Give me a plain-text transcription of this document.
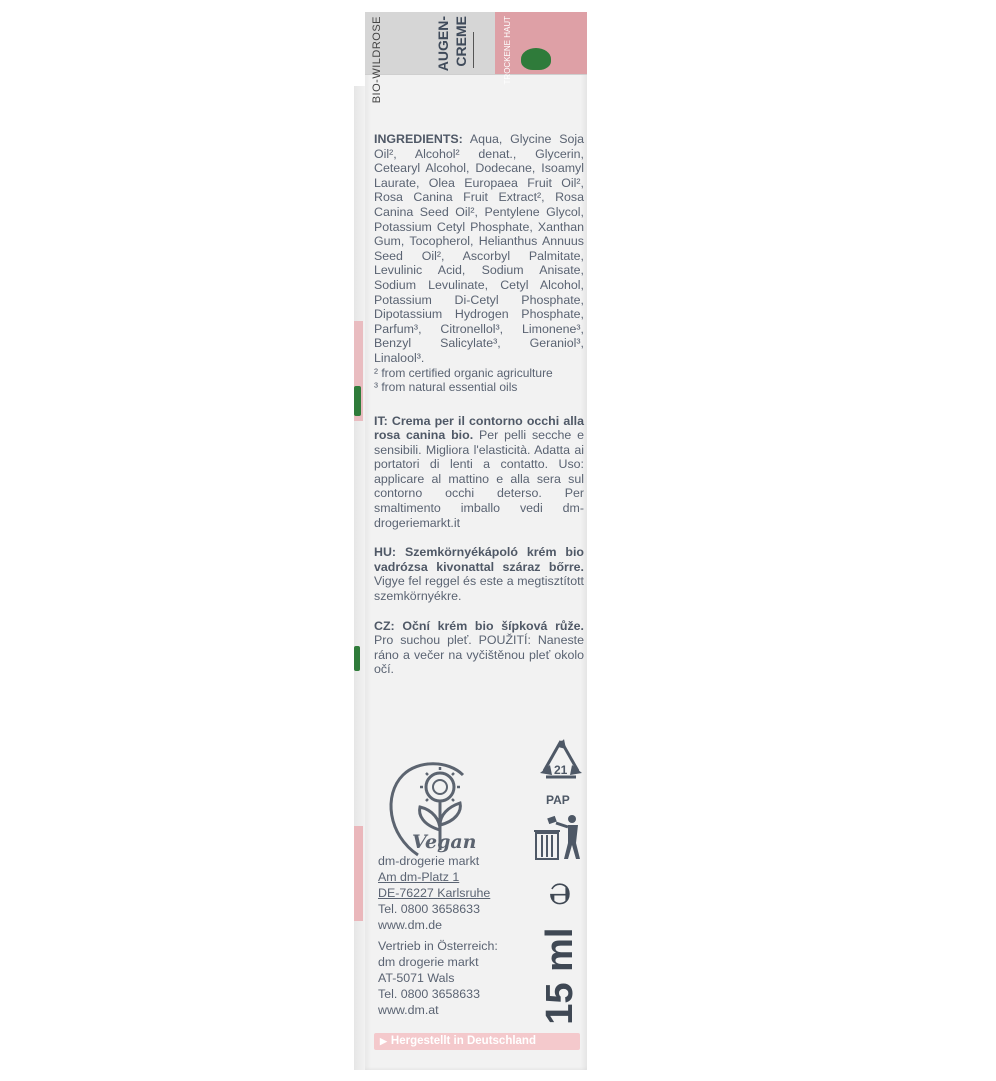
BIO-WILDROSE	AUGEN- CREME	TROCKENE HAUT

INGREDIENTS: Aqua, Glycine Soja Oil², Alcohol² denat., Glycerin, Cetearyl Alcohol, Dodecane, Isoamyl Laurate, Olea Europaea Fruit Oil², Rosa Canina Fruit Extract², Rosa Canina Seed Oil², Pentylene Glycol, Potassium Cetyl Phosphate, Xanthan Gum, Tocopherol, Helianthus Annuus Seed Oil², Ascorbyl Palmitate, Levulinic Acid, Sodium Anisate, Sodium Levulinate, Cetyl Alcohol, Potassium Di-Cetyl Phosphate, Dipotassium Hydrogen Phosphate, Parfum³, Citronellol³, Limonene³, Benzyl Salicylate³, Geraniol³, Linalool³.

² from certified organic agriculture

³ from natural essential oils

IT: Crema per il contorno occhi alla rosa canina bio. Per pelli secche e sensibili. Migliora l'elasticità. Adatta ai portatori di lenti a contatto. Uso: applicare al mattino e alla sera sul contorno occhi deterso. Per smaltimento imballo vedi dm-drogeriemarkt.it

HU: Szemkörnyékápoló krém bio vadrózsa kivonattal száraz bőrre. Vigye fel reggel és este a megtisztított szemkörnyékre.

CZ: Oční krém bio šípková růže. Pro suchou pleť. POUŽITÍ: Naneste ráno a večer na vyčištěnou pleť okolo očí.

Vegan
21
PAP
15 ml ℮
dm-drogerie markt
Am dm-Platz 1
DE-76227 Karlsruhe
Tel. 0800 3658633
www.dm.de
Vertrieb in Österreich:
dm drogerie markt
AT-5071 Wals
Tel. 0800 3658633
www.dm.at
▶ Hergestellt in Deutschland
